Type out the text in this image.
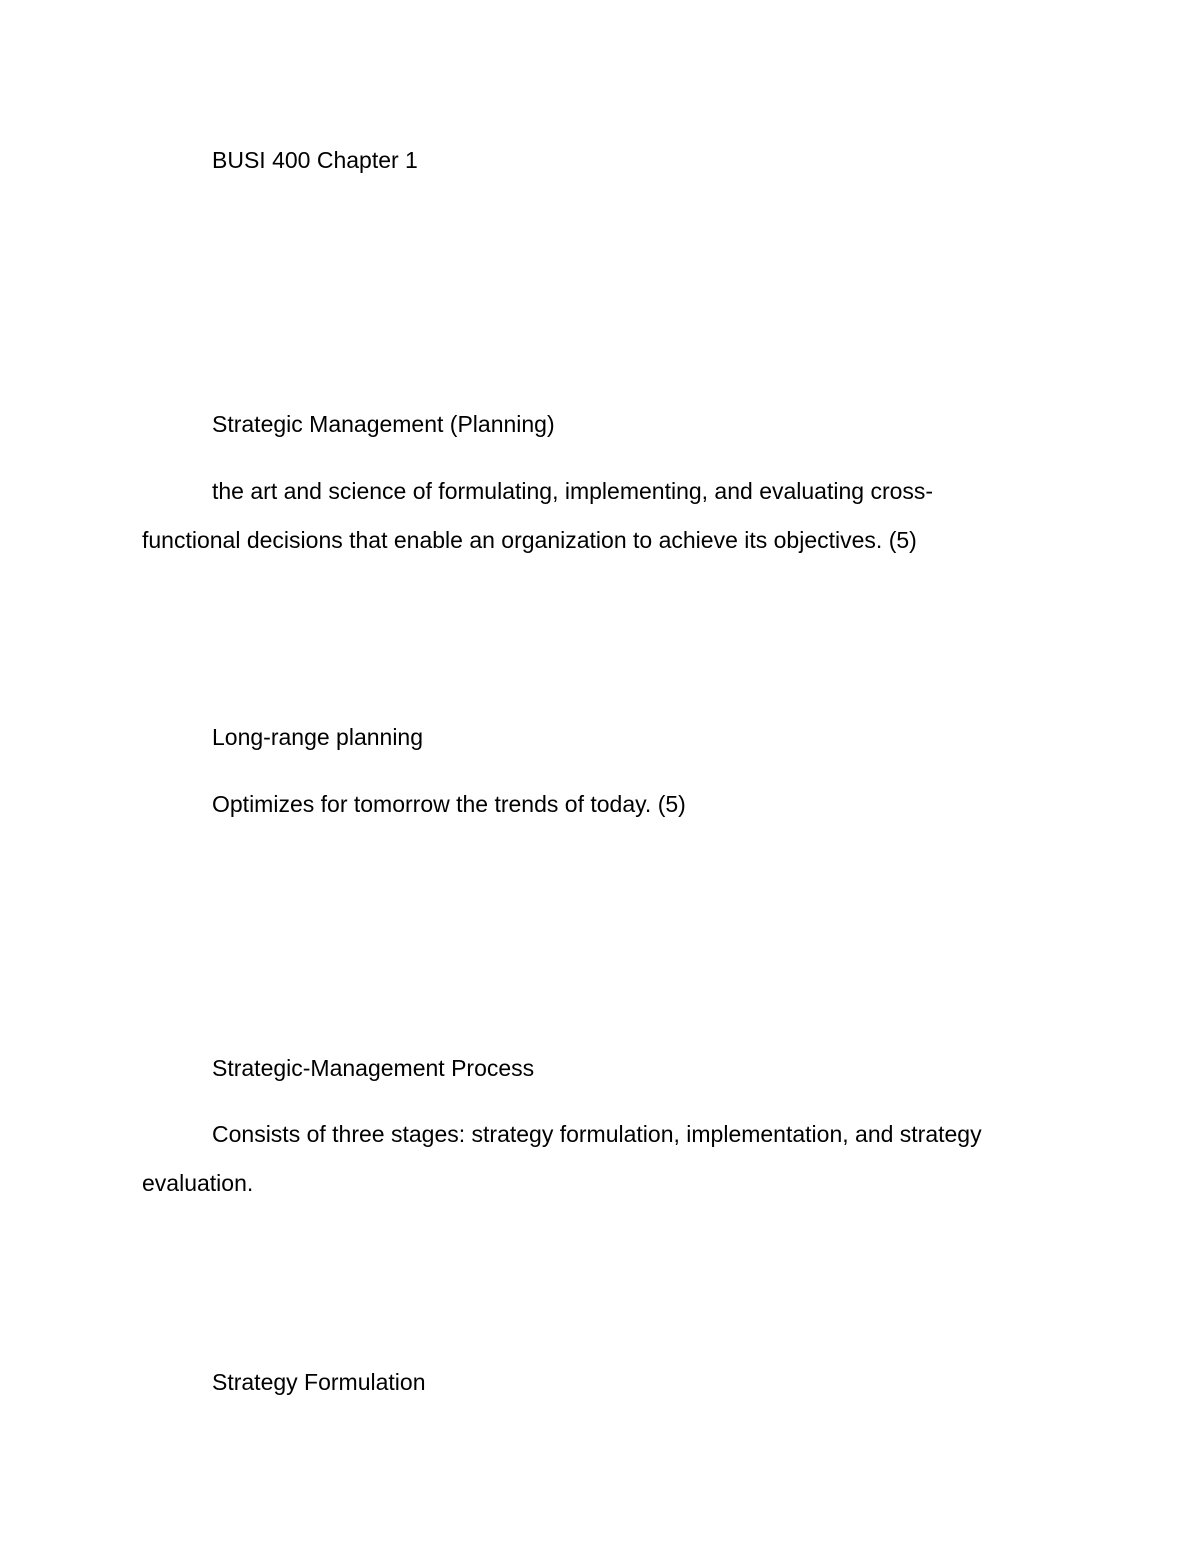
BUSI 400 Chapter 1
Strategic Management (Planning)
the art and science of formulating, implementing, and evaluating cross-
functional decisions that enable an organization to achieve its objectives. (5)
Long-range planning
Optimizes for tomorrow the trends of today. (5)
Strategic-Management Process
Consists of three stages: strategy formulation, implementation, and strategy
evaluation.
Strategy Formulation
